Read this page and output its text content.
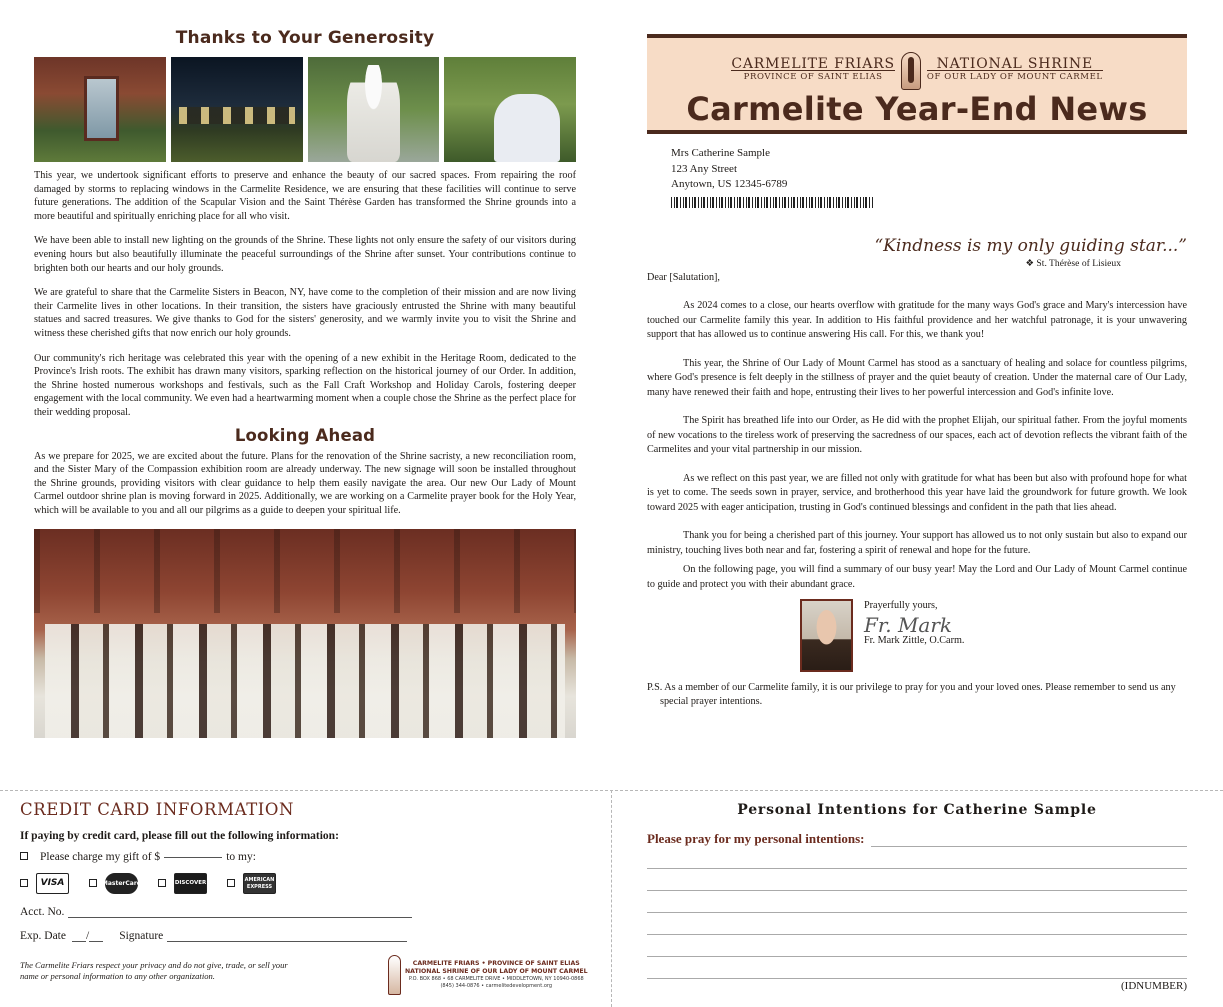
Thanks to Your Generosity

This year, we undertook significant efforts to preserve and enhance the beauty of our sacred spaces. From repairing the roof damaged by storms to replacing windows in the Carmelite Residence, we are ensuring that these facilities will continue to serve future generations. The addition of the Scapular Vision and the Saint Thérèse Garden has transformed the Shrine grounds into a more beautiful and spiritually enriching place for all who visit.

We have been able to install new lighting on the grounds of the Shrine. These lights not only ensure the safety of our visitors during evening hours but also beautifully illuminate the peaceful surroundings of the Shrine after sunset. Your contributions continue to brighten both our hearts and our holy grounds.

We are grateful to share that the Carmelite Sisters in Beacon, NY, have come to the completion of their mission and are now living their Carmelite lives in other locations. In their transition, the sisters have graciously entrusted the Shrine with many beautiful statues and sacred treasures. We give thanks to God for the sisters' generosity, and we warmly invite you to visit the Shrine and witness these cherished gifts that now enrich our holy grounds.

Our community's rich heritage was celebrated this year with the opening of a new exhibit in the Heritage Room, dedicated to the Province's Irish roots. The exhibit has drawn many visitors, sparking reflection on the historical journey of our Order. In addition, the Shrine hosted numerous workshops and festivals, such as the Fall Craft Workshop and Holiday Carols, fostering deeper engagement with the local community. We even had a heartwarming moment when a couple chose the Shrine as the perfect place for their wedding proposal.

Looking Ahead

As we prepare for 2025, we are excited about the future. Plans for the renovation of the Shrine sacristy, a new reconciliation room, and the Sister Mary of the Compassion exhibition room are already underway. The new signage will soon be installed throughout the Shrine grounds, providing visitors with clear guidance to help them easily navigate the area. Our new Our Lady of Mount Carmel outdoor shrine plan is moving forward in 2025. Additionally, we are working on a Carmelite prayer book for the Holy Year, which will be available to you and all our pilgrims as a guide to deepen your spiritual life.

CARMELITE FRIARS
PROVINCE OF SAINT ELIAS
NATIONAL SHRINE
OF OUR LADY OF MOUNT CARMEL
Carmelite Year-End News
Mrs Catherine Sample
123 Any Street
Anytown, US 12345-6789
“Kindness is my only guiding star...”
❖ St. Thérèse of Lisieux

Dear [Salutation],

As 2024 comes to a close, our hearts overflow with gratitude for the many ways God's grace and Mary's intercession have touched our Carmelite family this year. In addition to His faithful providence and her watchful patronage, it is your unwavering support that has allowed us to continue answering His call. For this, we thank you!

This year, the Shrine of Our Lady of Mount Carmel has stood as a sanctuary of healing and solace for countless pilgrims, where God's presence is felt deeply in the stillness of prayer and the quiet beauty of creation. Under the maternal care of Our Lady, many have renewed their faith and hope, entrusting their lives to her powerful intercession and God's infinite love.

The Spirit has breathed life into our Order, as He did with the prophet Elijah, our spiritual father. From the joyful moments of new vocations to the tireless work of preserving the sacredness of our spaces, each act of devotion reflects the vibrant faith of the Carmelites and your vital partnership in our mission.

As we reflect on this past year, we are filled not only with gratitude for what has been but also with profound hope for what is yet to come. The seeds sown in prayer, service, and brotherhood this year have laid the groundwork for future growth. We look toward 2025 with eager anticipation, trusting in God's continued blessings and confident in the path that lies ahead.

Thank you for being a cherished part of this journey. Your support has allowed us to not only sustain but also to expand our ministry, touching lives both near and far, fostering a spirit of renewal and hope for the future.

On the following page, you will find a summary of our busy year! May the Lord and Our Lady of Mount Carmel continue to guide and protect you with their abundant grace.

Prayerfully yours,
Fr. Mark
Fr. Mark Zittle, O.Carm.

P.S. As a member of our Carmelite family, it is our privilege to pray for you and your loved ones. Please remember to send us any special prayer intentions.

CREDIT CARD INFORMATION
If paying by credit card, please fill out the following information:
Please charge my gift of $	to my:
VISA	MasterCard	DISCOVER
AMERICAN EXPRESS
Acct. No.
Exp. Date /	Signature
The Carmelite Friars respect your privacy and do not give, trade, or sell your name or personal information to any other organization.
CARMELITE FRIARS • PROVINCE OF SAINT ELIAS
NATIONAL SHRINE OF OUR LADY OF MOUNT CARMEL
P.O. BOX 868 • 68 CARMELITE DRIVE • MIDDLETOWN, NY 10940-0868
(845) 344-0876 • carmelitedevelopment.org
Personal Intentions for Catherine Sample
Please pray for my personal intentions:
(IDNUMBER)
